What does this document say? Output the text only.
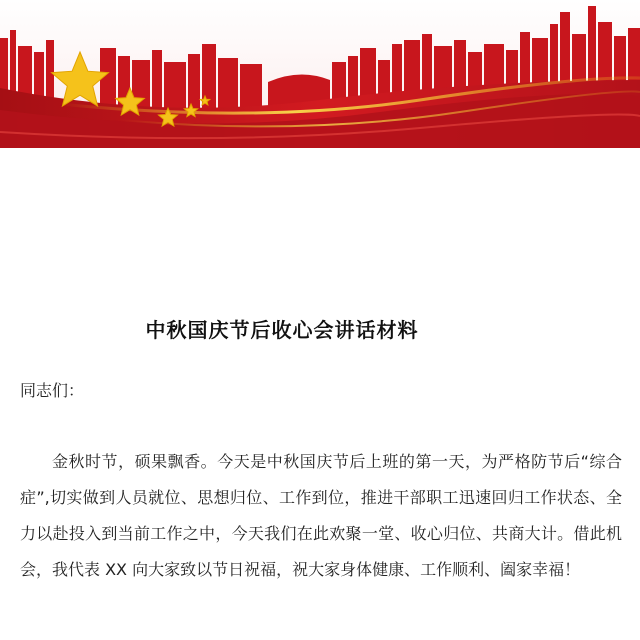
中秋国庆节后收心会讲话材料
同志们：

金秋时节，硕果飘香。今天是中秋国庆节后上班的第一天，为严格防节后“综合症”,切实做到人员就位、思想归位、工作到位，推进干部职工迅速回归工作状态、全力以赴投入到当前工作之中，今天我们在此欢聚一堂、收心归位、共商大计。借此机会，我代表 XX 向大家致以节日祝福，祝大家身体健康、工作顺利、阖家幸福！
